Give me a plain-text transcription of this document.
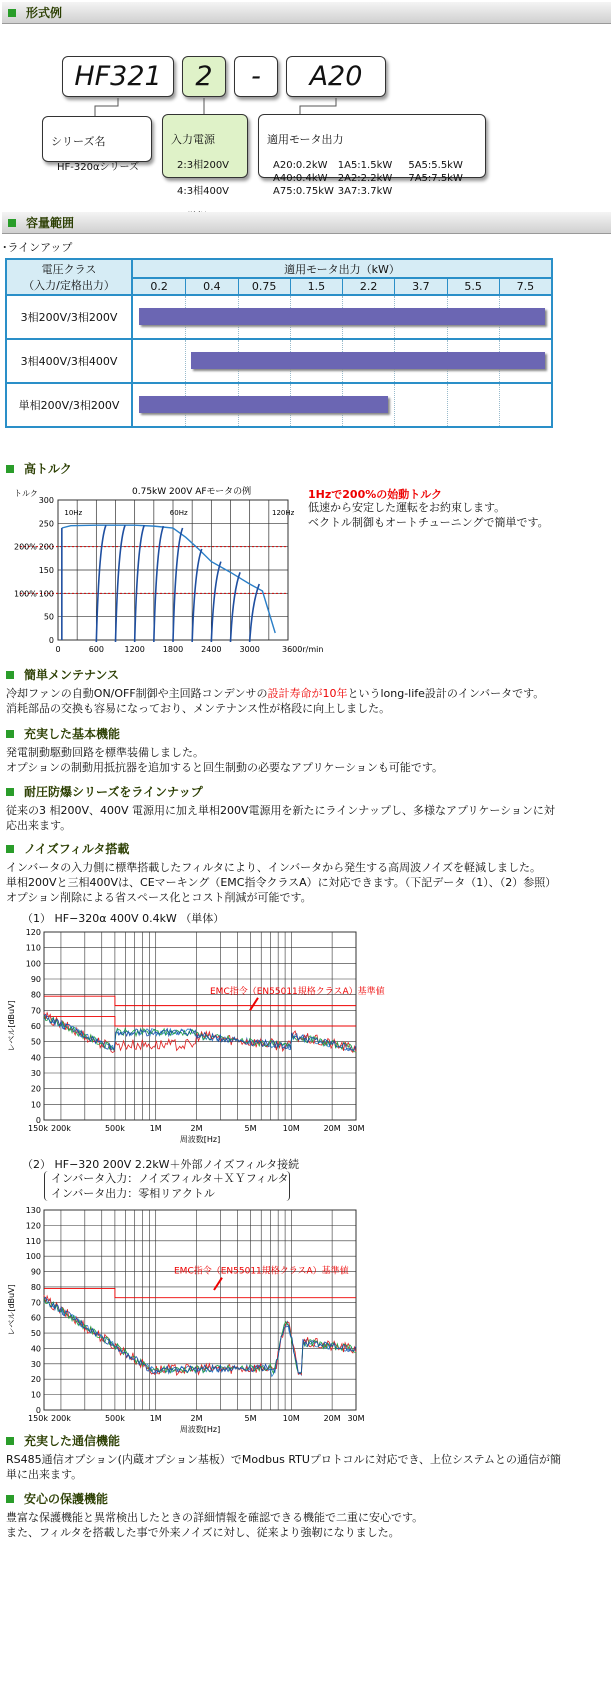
形式例
HF321	2	-	A20

シリーズ名

HF-320αシリーズ

入力電源

2:3相200V

4:3相400V

適用モータ出力

A20:0.2kW
A40:0.4kW
A75:0.75kW
1A5:1.5kW
2A2:2.2kW
3A7:3.7kW
5A5:5.5kW
7A5:7.5kW

容量範囲
･ラインアップ
電圧クラス
（入力/定格出力）
適用モータ出力（kW）
3相200V/3相200V
3相400V/3相400V
単相200V/3相200V
0.2	0.4	0.75	1.5	2.2	3.7	5.5	7.5
高トルク
トルク	0.75kW 200V AFモータの例
300
250
200
150
100
50
0
200%
100%
0	600	1200 1800 2400 3000	3600r/min
10Hz	60Hz	120Hz
1Hzで200%の始動トルク
低速から安定した運転をお約束します。
ベクトル制御もオートチューニングで簡単です。
簡単メンテナンス
冷却ファンの自動ON/OFF制御や主回路コンデンサの設計寿命が10年というlong-life設計のインバータです。
消耗部品の交換も容易になっており、メンテナンス性が格段に向上しました。
充実した基本機能
発電制動駆動回路を標準装備しました。
オプションの制動用抵抗器を追加すると回生制動の必要なアプリケーションも可能です。
耐圧防爆シリーズをラインナップ
従来の3 相200V、400V 電源用に加え単相200V電源用を新たにラインナップし、多様なアプリケーションに対
応出来ます。
ノイズフィルタ搭載
インバータの入力側に標準搭載したフィルタにより、インバータから発生する高周波ノイズを軽減しました。
単相200Vと三相400Vは、CEマーキング（EMC指令クラスA）に対応できます。（下記データ（1）、（2）参照）
オプション削除による省スペース化とコスト削減が可能です。
（1） HF−320α 400V 0.4kW （単体）
120
110
100
90
80
70
60
50
40
30
20
10
0
150k 200k	500k	1M	2M	5M	10M	20M 30M
周波数[Hz]
レベル[dBuV]
EMC指令（EN55011規格クラスA）基準値
（2） HF−320 200V 2.2kW＋外部ノイズフィルタ接続
インバータ入力：ノイズフィルタ＋ＸＹフィルタ
インバータ出力：零相リアクトル
130
120
110
100
90
80
70
60
50
40
30
20
10
0
150k 200k	500k	1M	2M	5M	10M	20M 30M
周波数[Hz]
レベル[dBuV]
EMC指令（EN55011規格クラスA）基準値
充実した通信機能
RS485通信オプション(内蔵オプション基板）でModbus RTUプロトコルに対応でき、上位システムとの通信が簡
単に出来ます。
安心の保護機能
豊富な保護機能と異常検出したときの詳細情報を確認できる機能で二重に安心です。
また、フィルタを搭載した事で外来ノイズに対し、従来より強靭になりました。
